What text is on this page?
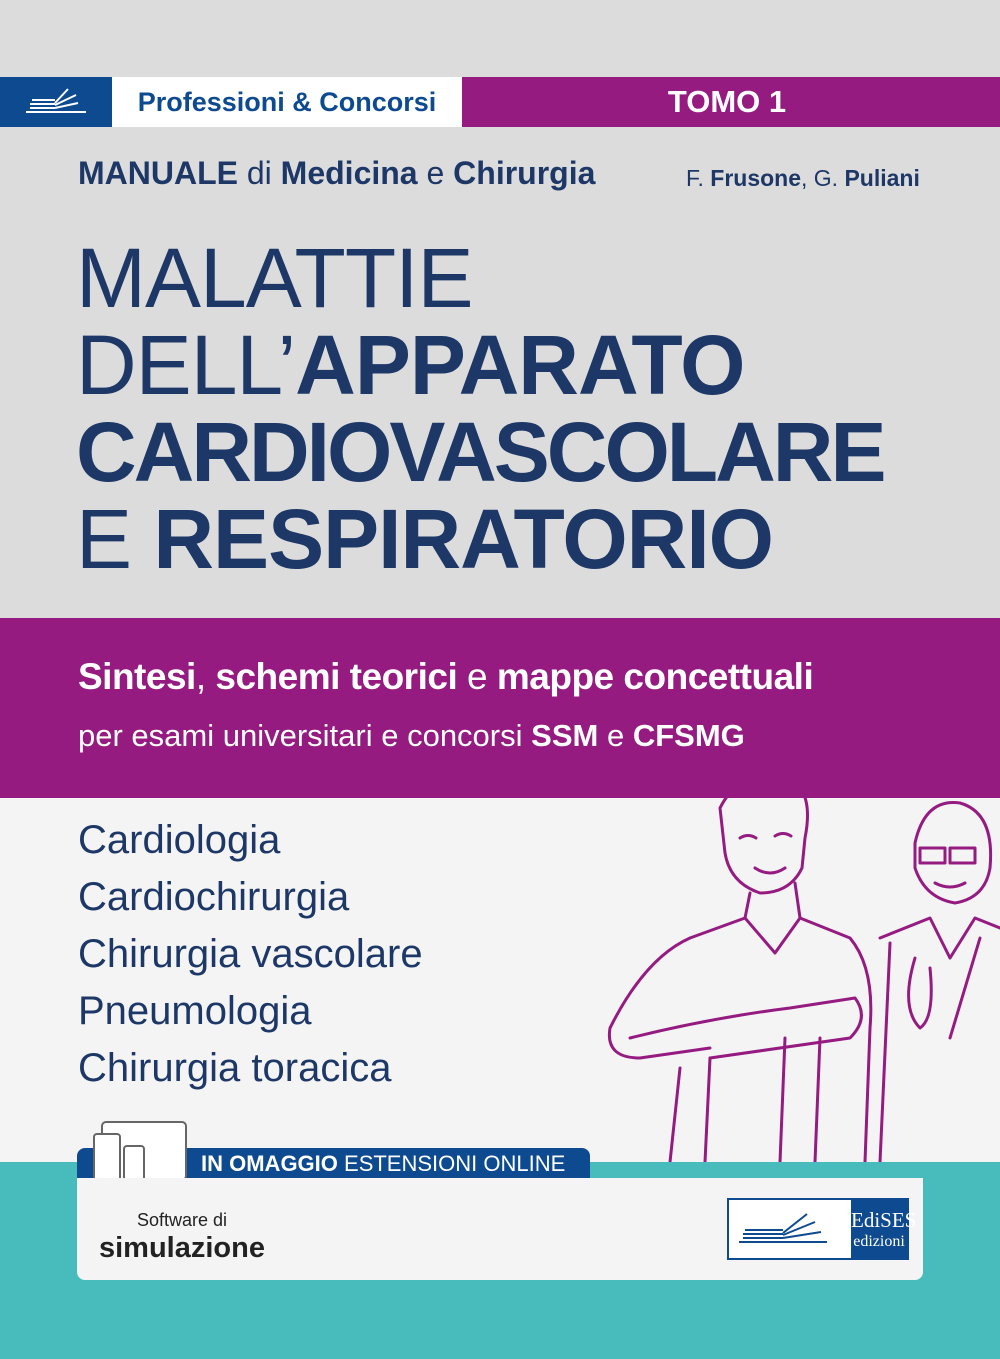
Professioni & Concorsi	TOMO 1
MANUALE di Medicina e Chirurgia	F. Frusone, G. Puliani
MALATTIE
DELL’APPARATO
CARDIOVASCOLARE
E RESPIRATORIO
Sintesi, schemi teorici e mappe concettuali
per esami universitari e concorsi SSM e CFSMG
Cardiologia
Cardiochirurgia
Chirurgia vascolare
Pneumologia
Chirurgia toracica
IN OMAGGIO ESTENSIONI ONLINE
Software di
simulazione
EdiSES
edizioni
